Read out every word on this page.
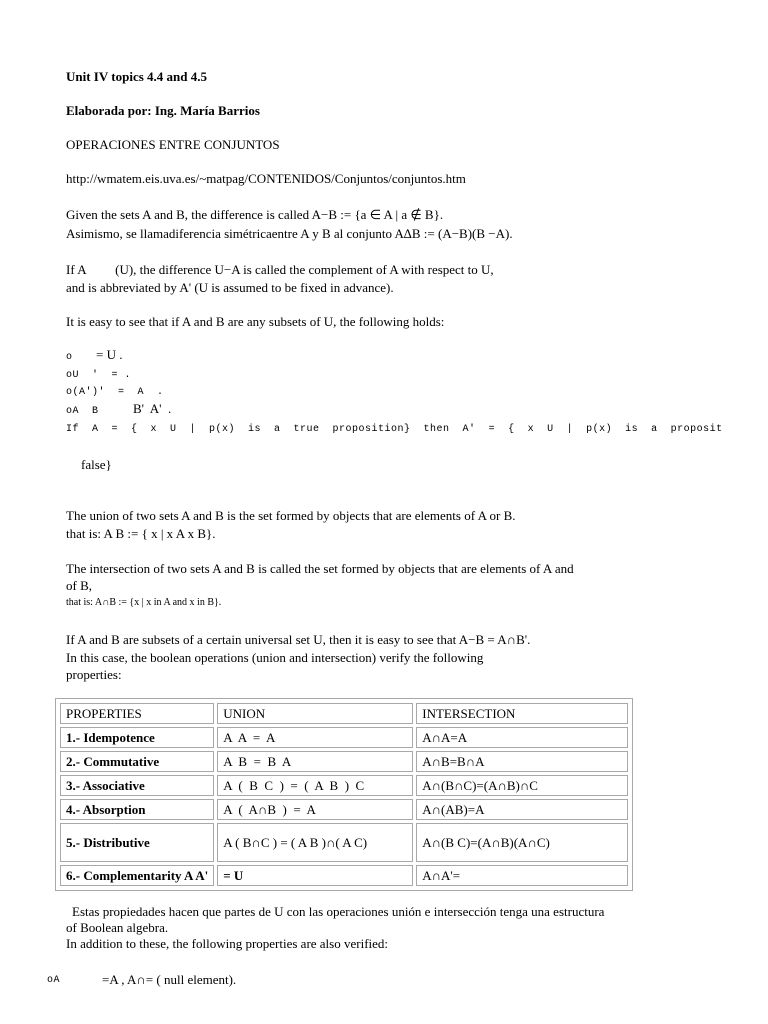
Unit IV topics 4.4 and 4.5
Elaborada por: Ing. María Barrios
OPERACIONES ENTRE CONJUNTOS
http://wmatem.eis.uva.es/~matpag/CONTENIDOS/Conjuntos/conjuntos.htm
Given the sets A and B, the difference is called A−B := {a ∈ A | a ∉ B}.
Asimismo, se llamadiferencia simétricaentre A y B al conjunto A∆B := (A−B)(B −A).
If A         (U), the difference U−A is called the complement of A with respect to U,
and is abbreviated by A' (U is assumed to be fixed in advance).
It is easy to see that if A and B are any subsets of U, the following holds:
o = U .
oU  '  = .
o(A')'  =  A  .
oA  B	B'  A'  .
If  A  =  {  x  U  |  p(x)  is  a  true  proposition}  then  A'  =  {  x  U  |  p(x)  is  a  proposit
false}
The union of two sets A and B is the set formed by objects that are elements of A or B.
that is: A B := { x | x A x B}.
The intersection of two sets A and B is called the set formed by objects that are elements of A and
of B,
that is: A∩B := {x | x in A and x in B}.
If A and B are subsets of a certain universal set U, then it is easy to see that A−B = A∩B'.
In this case, the boolean operations (union and intersection) verify the following
properties:
PROPERTIES	UNION	INTERSECTION
1.- Idempotence	A  A  =  A	A∩A=A
2.- Commutative	A  B  =  B  A	A∩B=B∩A
3.- Associative	A  (  B  C  )  =  (  A  B  )  C	A∩(B∩C)=(A∩B)∩C
4.- Absorption	A  (  A∩B  )  =  A	A∩(AB)=A
5.- Distributive	A ( B∩C ) = ( A B )∩( A C)	A∩(B C)=(A∩B)(A∩C)
6.- Complementarity A A'	= U	A∩A'=
Estas propiedades hacen que partes de U con las operaciones unión e intersección tenga una estructura
of Boolean algebra.
In addition to these, the following properties are also verified:
oA	=A , A∩= ( null element).
